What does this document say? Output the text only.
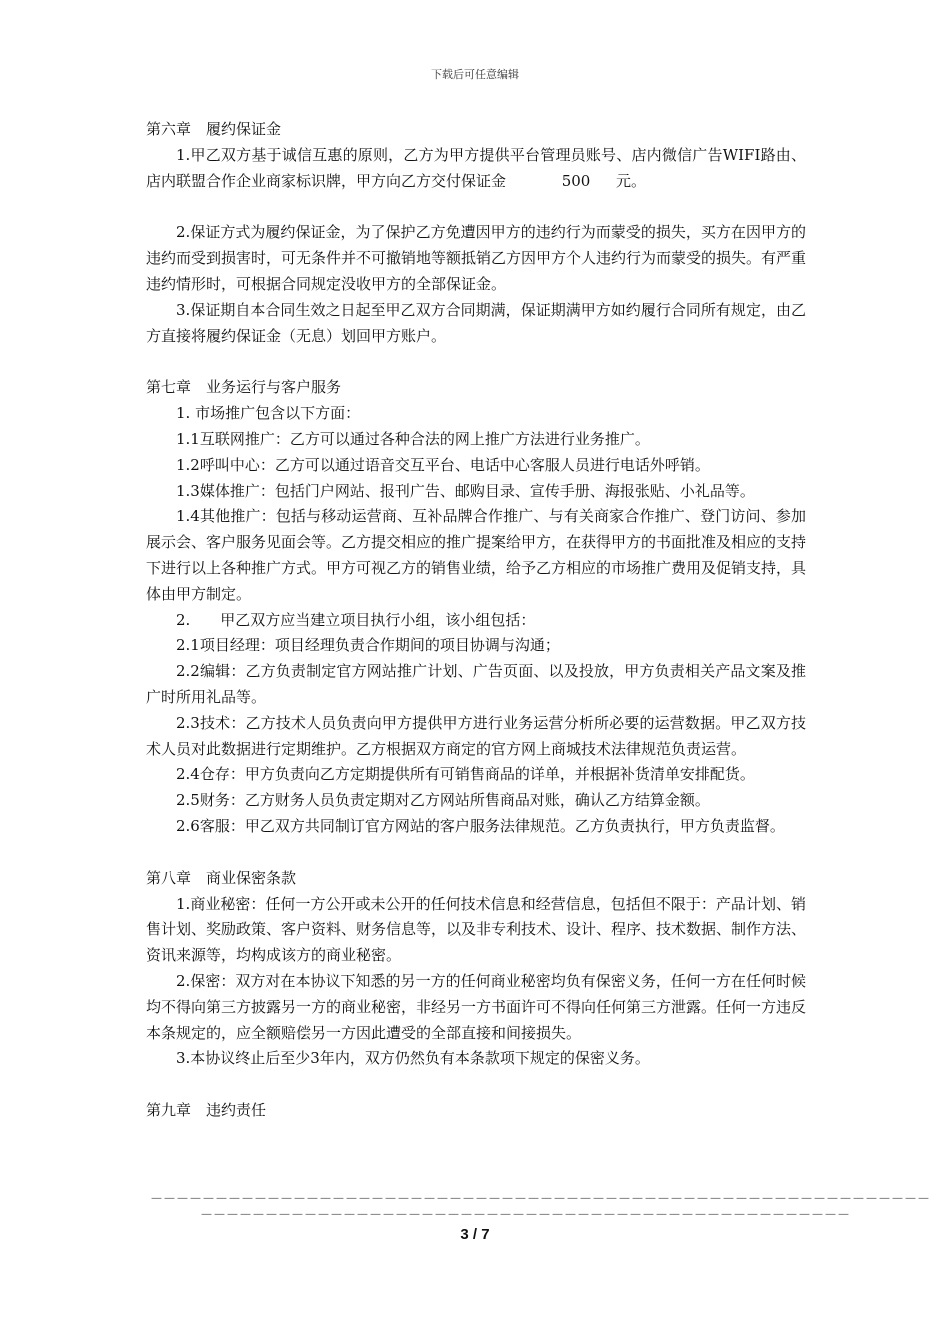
下载后可任意编辑

第六章　履约保证金

1.甲乙双方基于诚信互惠的原则，乙方为甲方提供平台管理员账号、店内微信广告WIFI路由、店内联盟合作企业商家标识牌，甲方向乙方交付保证金	500 元。

2.保证方式为履约保证金，为了保护乙方免遭因甲方的违约行为而蒙受的损失，买方在因甲方的违约而受到损害时，可无条件并不可撤销地等额抵销乙方因甲方个人违约行为而蒙受的损失。有严重违约情形时，可根据合同规定没收甲方的全部保证金。

3.保证期自本合同生效之日起至甲乙双方合同期满，保证期满甲方如约履行合同所有规定，由乙方直接将履约保证金（无息）划回甲方账户。

第七章　业务运行与客户服务

1. 市场推广包含以下方面：

1.1互联网推广：乙方可以通过各种合法的网上推广方法进行业务推广。

1.2呼叫中心：乙方可以通过语音交互平台、电话中心客服人员进行电话外呼销。

1.3媒体推广：包括门户网站、报刊广告、邮购目录、宣传手册、海报张贴、小礼品等。

1.4其他推广：包括与移动运营商、互补品牌合作推广、与有关商家合作推广、登门访问、参加展示会、客户服务见面会等。乙方提交相应的推广提案给甲方，在获得甲方的书面批准及相应的支持下进行以上各种推广方式。甲方可视乙方的销售业绩，给予乙方相应的市场推广费用及促销支持，具体由甲方制定。

2.　　甲乙双方应当建立项目执行小组，该小组包括：

2.1项目经理：项目经理负责合作期间的项目协调与沟通；

2.2编辑：乙方负责制定官方网站推广计划、广告页面、以及投放，甲方负责相关产品文案及推广时所用礼品等。

2.3技术：乙方技术人员负责向甲方提供甲方进行业务运营分析所必要的运营数据。甲乙双方技术人员对此数据进行定期维护。乙方根据双方商定的官方网上商城技术法律规范负责运营。

2.4仓存：甲方负责向乙方定期提供所有可销售商品的详单，并根据补货清单安排配货。

2.5财务：乙方财务人员负责定期对乙方网站所售商品对账，确认乙方结算金额。

2.6客服：甲乙双方共同制订官方网站的客户服务法律规范。乙方负责执行，甲方负责监督。

第八章　商业保密条款

1.商业秘密：任何一方公开或未公开的任何技术信息和经营信息，包括但不限于：产品计划、销售计划、奖励政策、客户资料、财务信息等，以及非专利技术、设计、程序、技术数据、制作方法、资讯来源等，均构成该方的商业秘密。

2.保密：双方对在本协议下知悉的另一方的任何商业秘密均负有保密义务，任何一方在任何时候均不得向第三方披露另一方的商业秘密，非经另一方书面许可不得向任何第三方泄露。任何一方违反本条规定的，应全额赔偿另一方因此遭受的全部直接和间接损失。

3.本协议终止后至少3年内，双方仍然负有本条款项下规定的保密义务。

第九章　违约责任

－－－－－－－－－－－－－－－－－－－－－－－－－－－－－－－－－－－－－－－－－－－－－－－－－－－－－－－－－－－－
－－－－－－－－－－－－－－－－－－－－－－－－－－－－－－－－－－－－－－－－－－－－－－－－－－
3 / 7
